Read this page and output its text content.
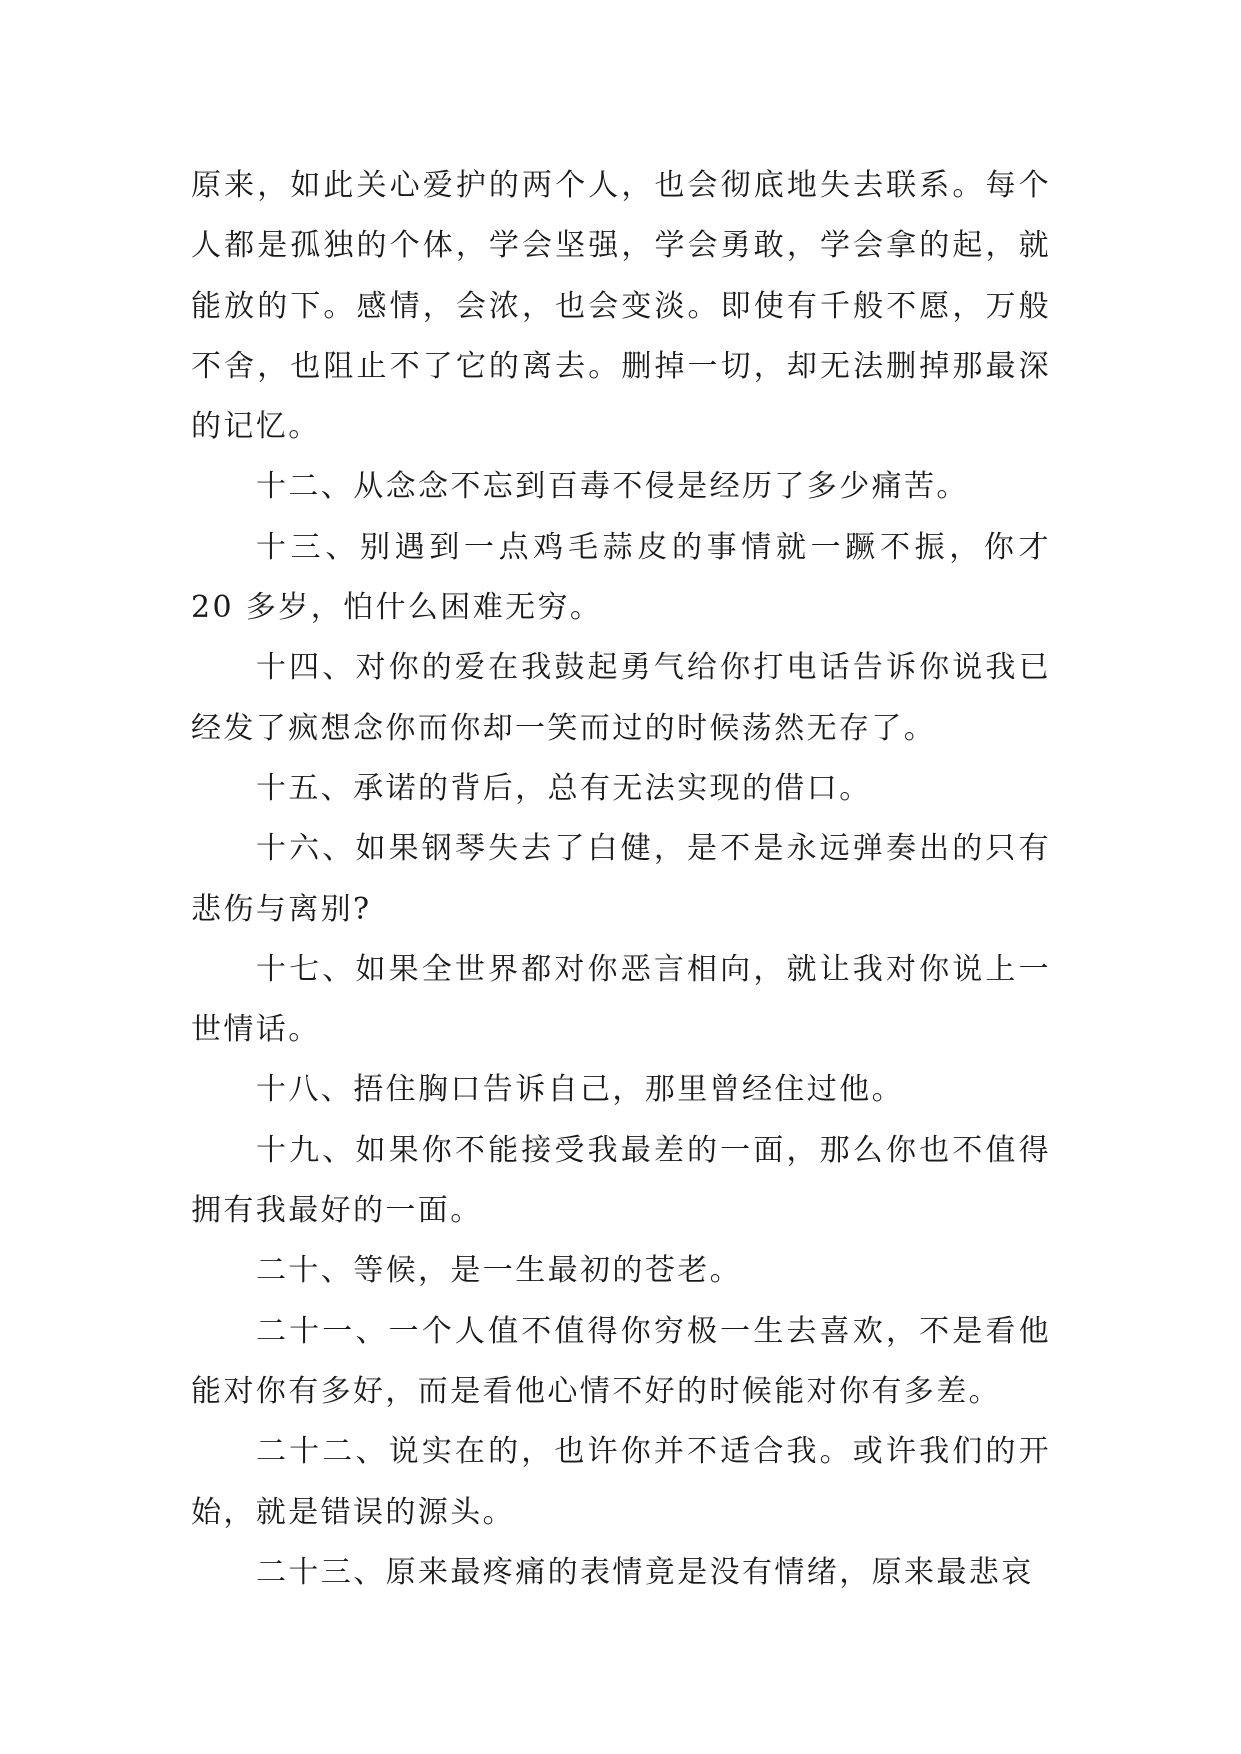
原来，如此关心爱护的两个人，也会彻底地失去联系。每个人都是孤独的个体，学会坚强，学会勇敢，学会拿的起，就能放的下。感情，会浓，也会变淡。即使有千般不愿，万般不舍，也阻止不了它的离去。删掉一切，却无法删掉那最深的记忆。

十二、从念念不忘到百毒不侵是经历了多少痛苦。

十三、别遇到一点鸡毛蒜皮的事情就一蹶不振，你才 20 多岁，怕什么困难无穷。

十四、对你的爱在我鼓起勇气给你打电话告诉你说我已经发了疯想念你而你却一笑而过的时候荡然无存了。

十五、承诺的背后，总有无法实现的借口。

十六、如果钢琴失去了白健，是不是永远弹奏出的只有悲伤与离别?

十七、如果全世界都对你恶言相向，就让我对你说上一世情话。

十八、捂住胸口告诉自己，那里曾经住过他。

十九、如果你不能接受我最差的一面，那么你也不值得拥有我最好的一面。

二十、等候，是一生最初的苍老。

二十一、一个人值不值得你穷极一生去喜欢，不是看他能对你有多好，而是看他心情不好的时候能对你有多差。

二十二、说实在的，也许你并不适合我。或许我们的开始，就是错误的源头。

二十三、原来最疼痛的表情竟是没有情绪，原来最悲哀
